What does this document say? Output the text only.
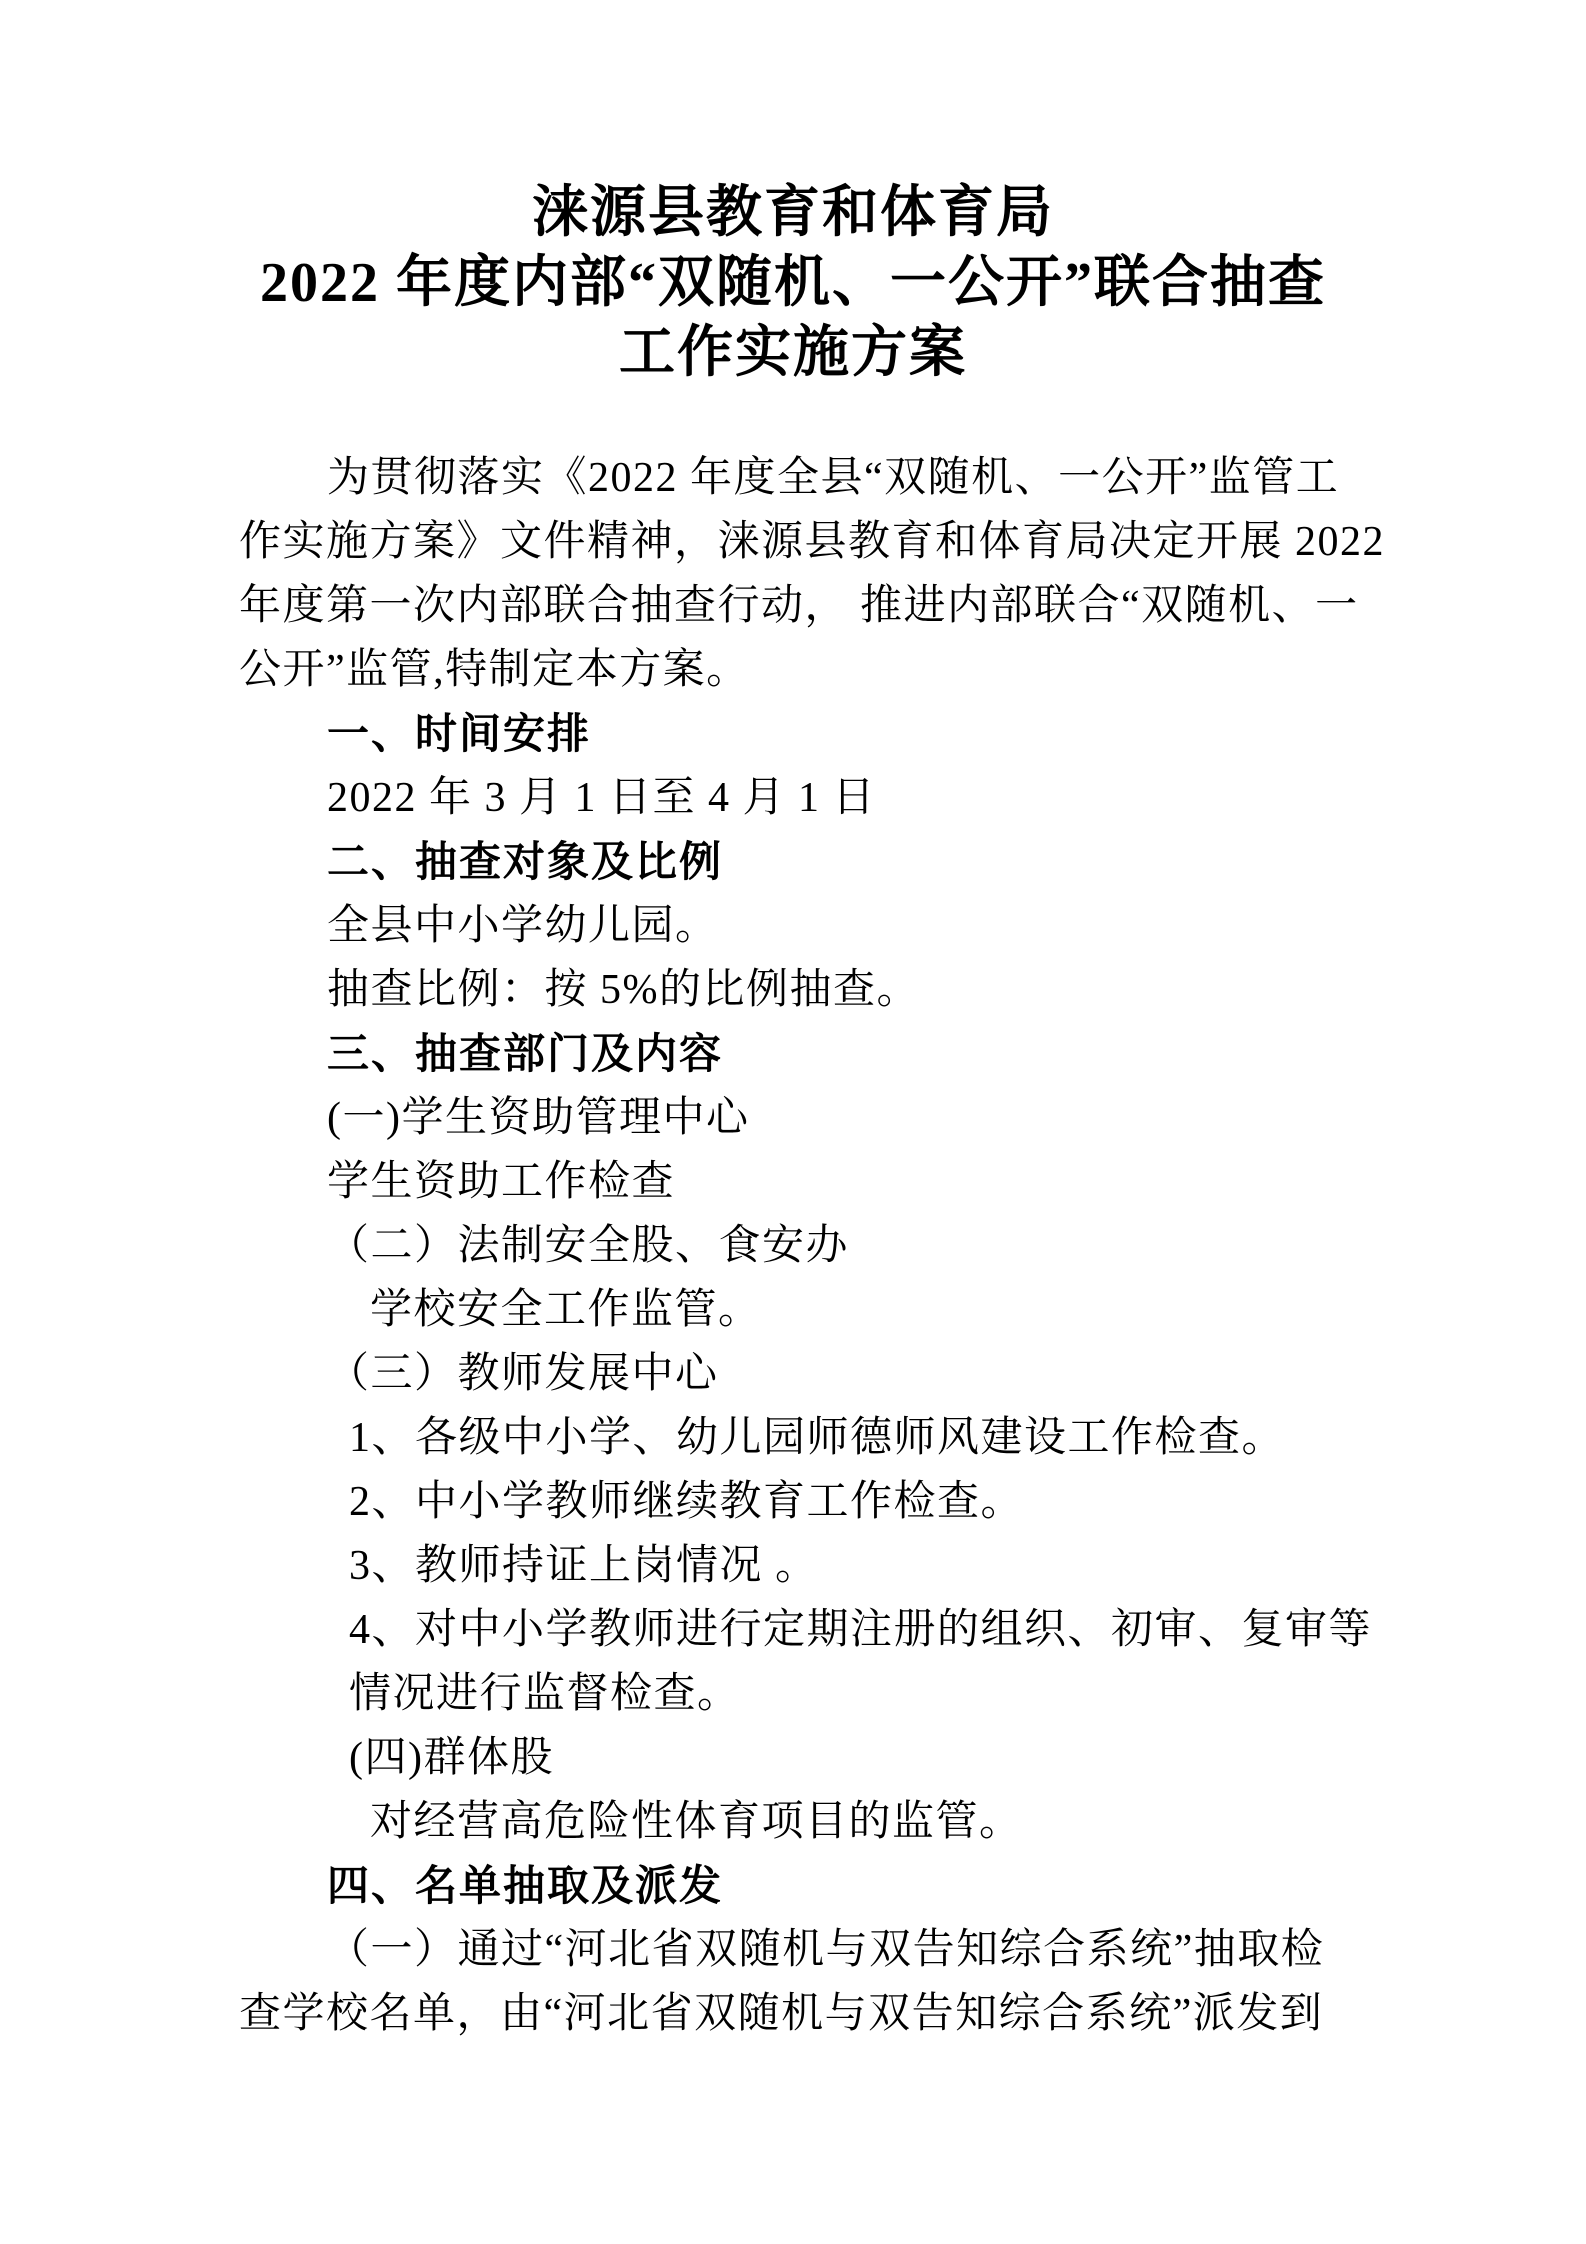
涞源县教育和体育局
2022 年度内部“双随机、一公开”联合抽查
工作实施方案
为贯彻落实《2022 年度全县“双随机、一公开”监管工
作实施方案》文件精神，涞源县教育和体育局决定开展 2022
年度第一次内部联合抽查行动， 推进内部联合“双随机、一
公开”监管,特制定本方案。
一、时间安排
2022 年 3 月 1 日至 4 月 1 日
二、抽查对象及比例
全县中小学幼儿园。
抽查比例：按 5%的比例抽查。
三、抽查部门及内容
(一)学生资助管理中心
学生资助工作检查
（二）法制安全股、食安办
学校安全工作监管。
（三）教师发展中心
1、各级中小学、幼儿园师德师风建设工作检查。
2、中小学教师继续教育工作检查。
3、教师持证上岗情况 。
4、对中小学教师进行定期注册的组织、初审、复审等
情况进行监督检查。
(四)群体股
对经营高危险性体育项目的监管。
四、名单抽取及派发
（一）通过“河北省双随机与双告知综合系统”抽取检
查学校名单，由“河北省双随机与双告知综合系统”派发到
